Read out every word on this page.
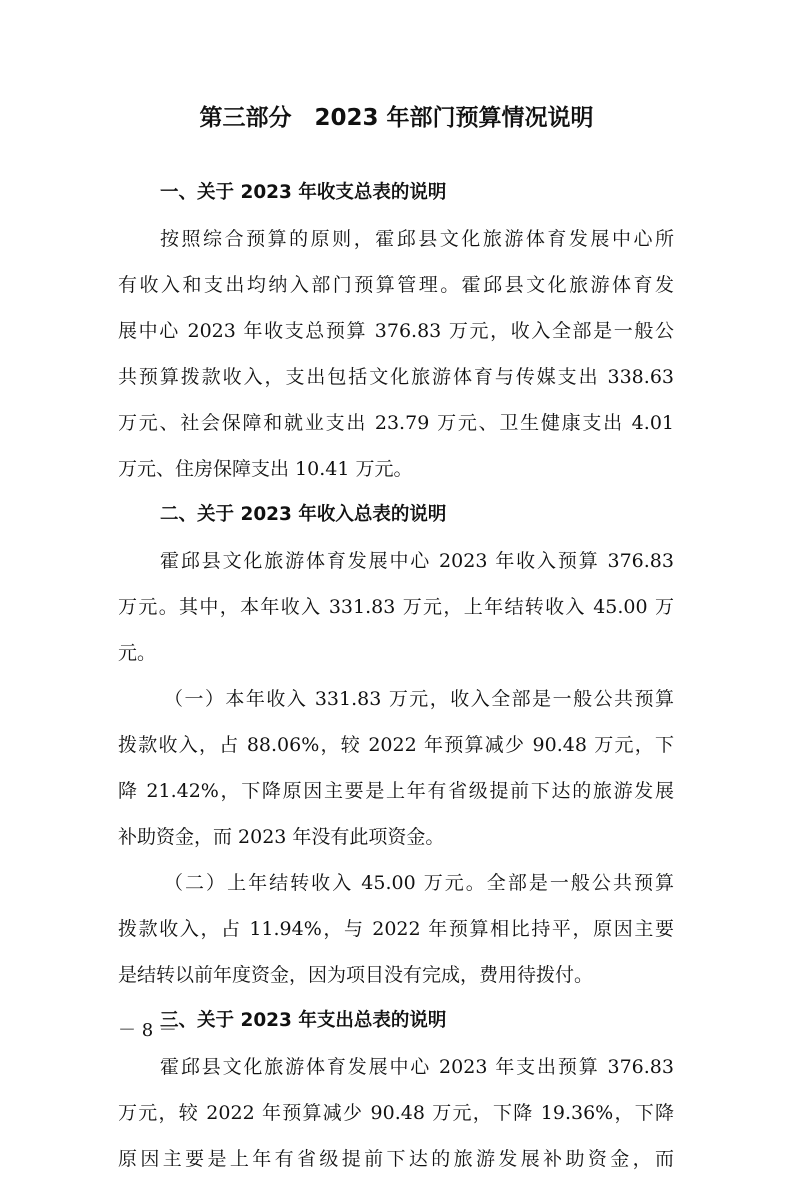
第三部分　2023 年部门预算情况说明
一、关于 2023 年收支总表的说明
按照综合预算的原则，霍邱县文化旅游体育发展中心所
有收入和支出均纳入部门预算管理。霍邱县文化旅游体育发
展中心 2023 年收支总预算 376.83 万元，收入全部是一般公
共预算拨款收入，支出包括文化旅游体育与传媒支出 338.63
万元、社会保障和就业支出 23.79 万元、卫生健康支出 4.01
万元、住房保障支出 10.41 万元。
二、关于 2023 年收入总表的说明
霍邱县文化旅游体育发展中心 2023 年收入预算 376.83
万元。其中，本年收入 331.83 万元，上年结转收入 45.00 万
元。
（一）本年收入 331.83 万元，收入全部是一般公共预算
拨款收入，占 88.06%，较 2022 年预算减少 90.48 万元，下
降 21.42%，下降原因主要是上年有省级提前下达的旅游发展
补助资金，而 2023 年没有此项资金。
（二）上年结转收入 45.00 万元。全部是一般公共预算
拨款收入，占 11.94%，与 2022 年预算相比持平，原因主要
是结转以前年度资金，因为项目没有完成，费用待拨付。
三、关于 2023 年支出总表的说明
霍邱县文化旅游体育发展中心 2023 年支出预算 376.83
万元，较 2022 年预算减少 90.48 万元，下降 19.36%，下降
原因主要是上年有省级提前下达的旅游发展补助资金，而
－ 8 －
